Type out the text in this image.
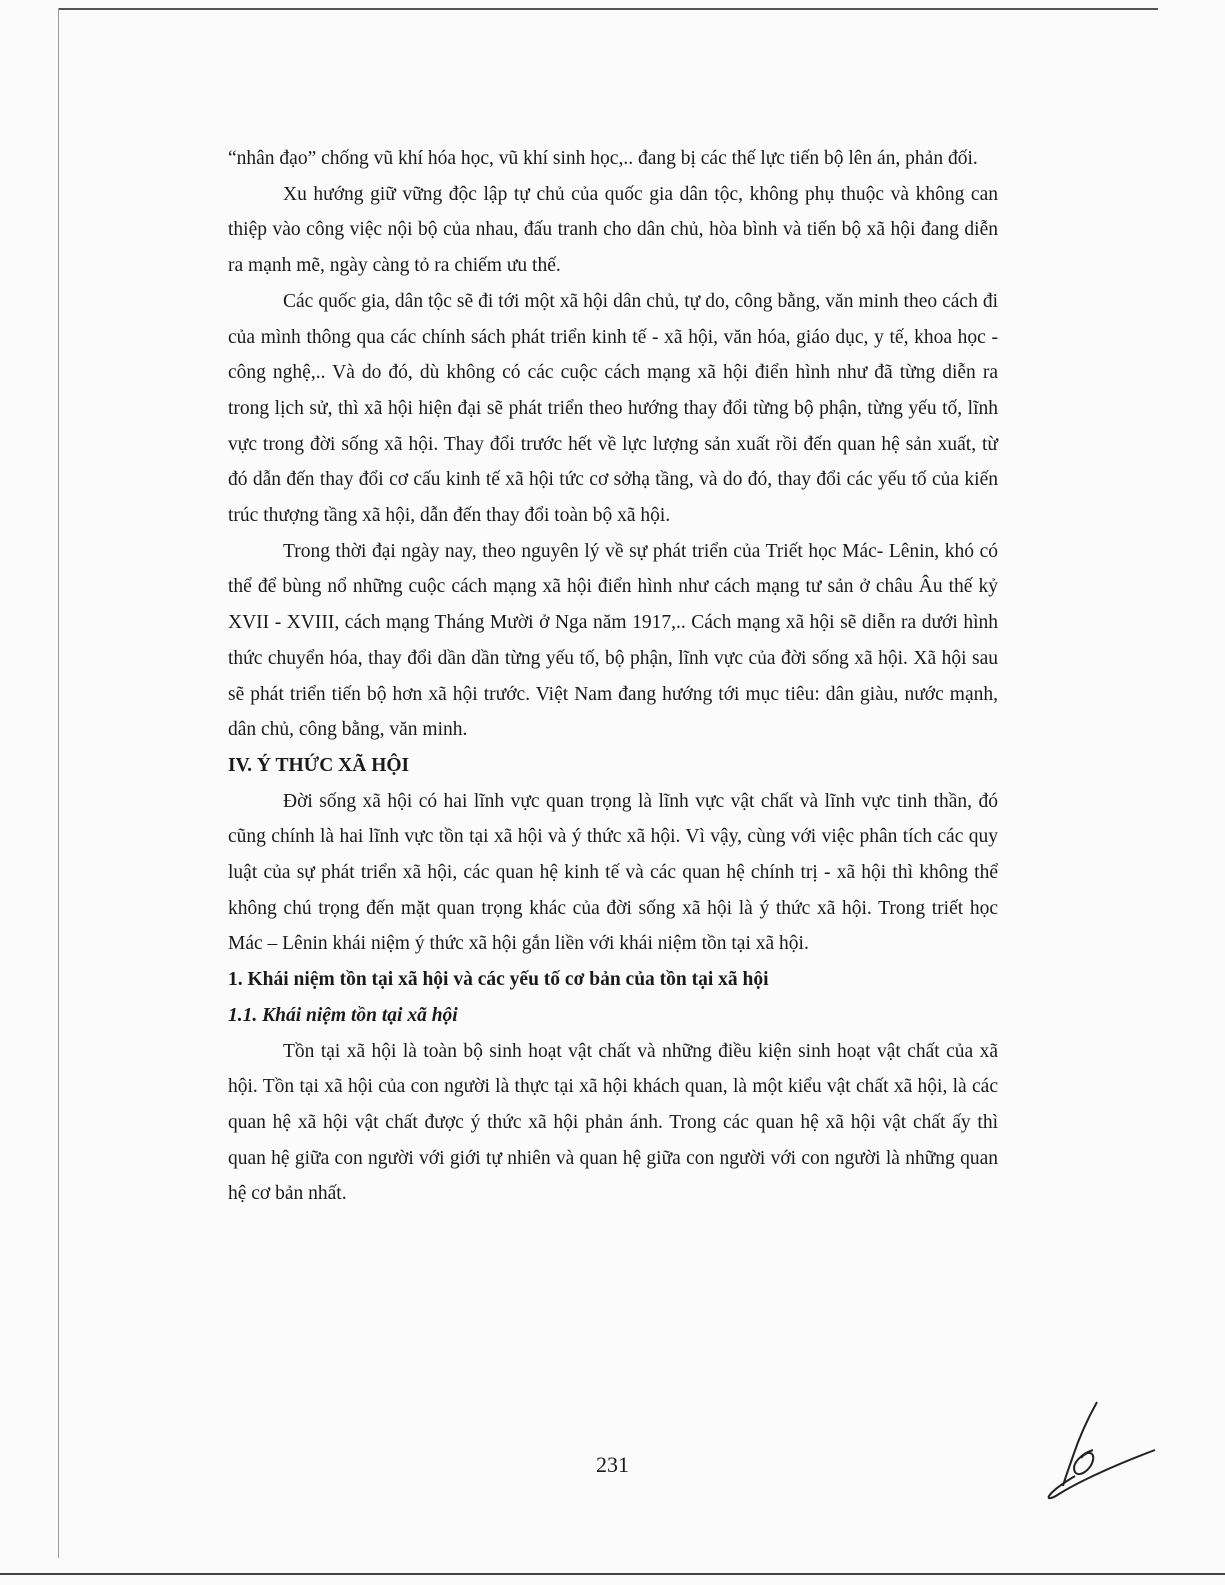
“nhân đạo” chống vũ khí hóa học, vũ khí sinh học,.. đang bị các thế lực tiến bộ lên án, phản đối.

Xu hướng giữ vững độc lập tự chủ của quốc gia dân tộc, không phụ thuộc và không can thiệp vào công việc nội bộ của nhau, đấu tranh cho dân chủ, hòa bình và tiến bộ xã hội đang diễn ra mạnh mẽ, ngày càng tỏ ra chiếm ưu thế.

Các quốc gia, dân tộc sẽ đi tới một xã hội dân chủ, tự do, công bằng, văn minh theo cách đi của mình thông qua các chính sách phát triển kinh tế - xã hội, văn hóa, giáo dục, y tế, khoa học - công nghệ,.. Và do đó, dù không có các cuộc cách mạng xã hội điển hình như đã từng diễn ra trong lịch sử, thì xã hội hiện đại sẽ phát triển theo hướng thay đổi từng bộ phận, từng yếu tố, lĩnh vực trong đời sống xã hội. Thay đổi trước hết về lực lượng sản xuất rồi đến quan hệ sản xuất, từ đó dẫn đến thay đổi cơ cấu kinh tế xã hội tức cơ sởhạ tầng, và do đó, thay đổi các yếu tố của kiến trúc thượng tầng xã hội, dẫn đến thay đổi toàn bộ xã hội.

Trong thời đại ngày nay, theo nguyên lý về sự phát triển của Triết học Mác- Lênin, khó có thể để bùng nổ những cuộc cách mạng xã hội điển hình như cách mạng tư sản ở châu Âu thế kỷ XVII - XVIII, cách mạng Tháng Mười ở Nga năm 1917,.. Cách mạng xã hội sẽ diễn ra dưới hình thức chuyển hóa, thay đổi dần dần từng yếu tố, bộ phận, lĩnh vực của đời sống xã hội. Xã hội sau sẽ phát triển tiến bộ hơn xã hội trước. Việt Nam đang hướng tới mục tiêu: dân giàu, nước mạnh, dân chủ, công bằng, văn minh.

IV. Ý THỨC XÃ HỘI

Đời sống xã hội có hai lĩnh vực quan trọng là lĩnh vực vật chất và lĩnh vực tinh thần, đó cũng chính là hai lĩnh vực tồn tại xã hội và ý thức xã hội. Vì vậy, cùng với việc phân tích các quy luật của sự phát triển xã hội, các quan hệ kinh tế và các quan hệ chính trị - xã hội thì không thể không chú trọng đến mặt quan trọng khác của đời sống xã hội là ý thức xã hội. Trong triết học Mác – Lênin khái niệm ý thức xã hội gắn liền với khái niệm tồn tại xã hội.

1. Khái niệm tồn tại xã hội và các yếu tố cơ bản của tồn tại xã hội
1.1. Khái niệm tồn tại xã hội

Tồn tại xã hội là toàn bộ sinh hoạt vật chất và những điều kiện sinh hoạt vật chất của xã hội. Tồn tại xã hội của con người là thực tại xã hội khách quan, là một kiểu vật chất xã hội, là các quan hệ xã hội vật chất được ý thức xã hội phản ánh. Trong các quan hệ xã hội vật chất ấy thì quan hệ giữa con người với giới tự nhiên và quan hệ giữa con người với con người là những quan hệ cơ bản nhất.

231
